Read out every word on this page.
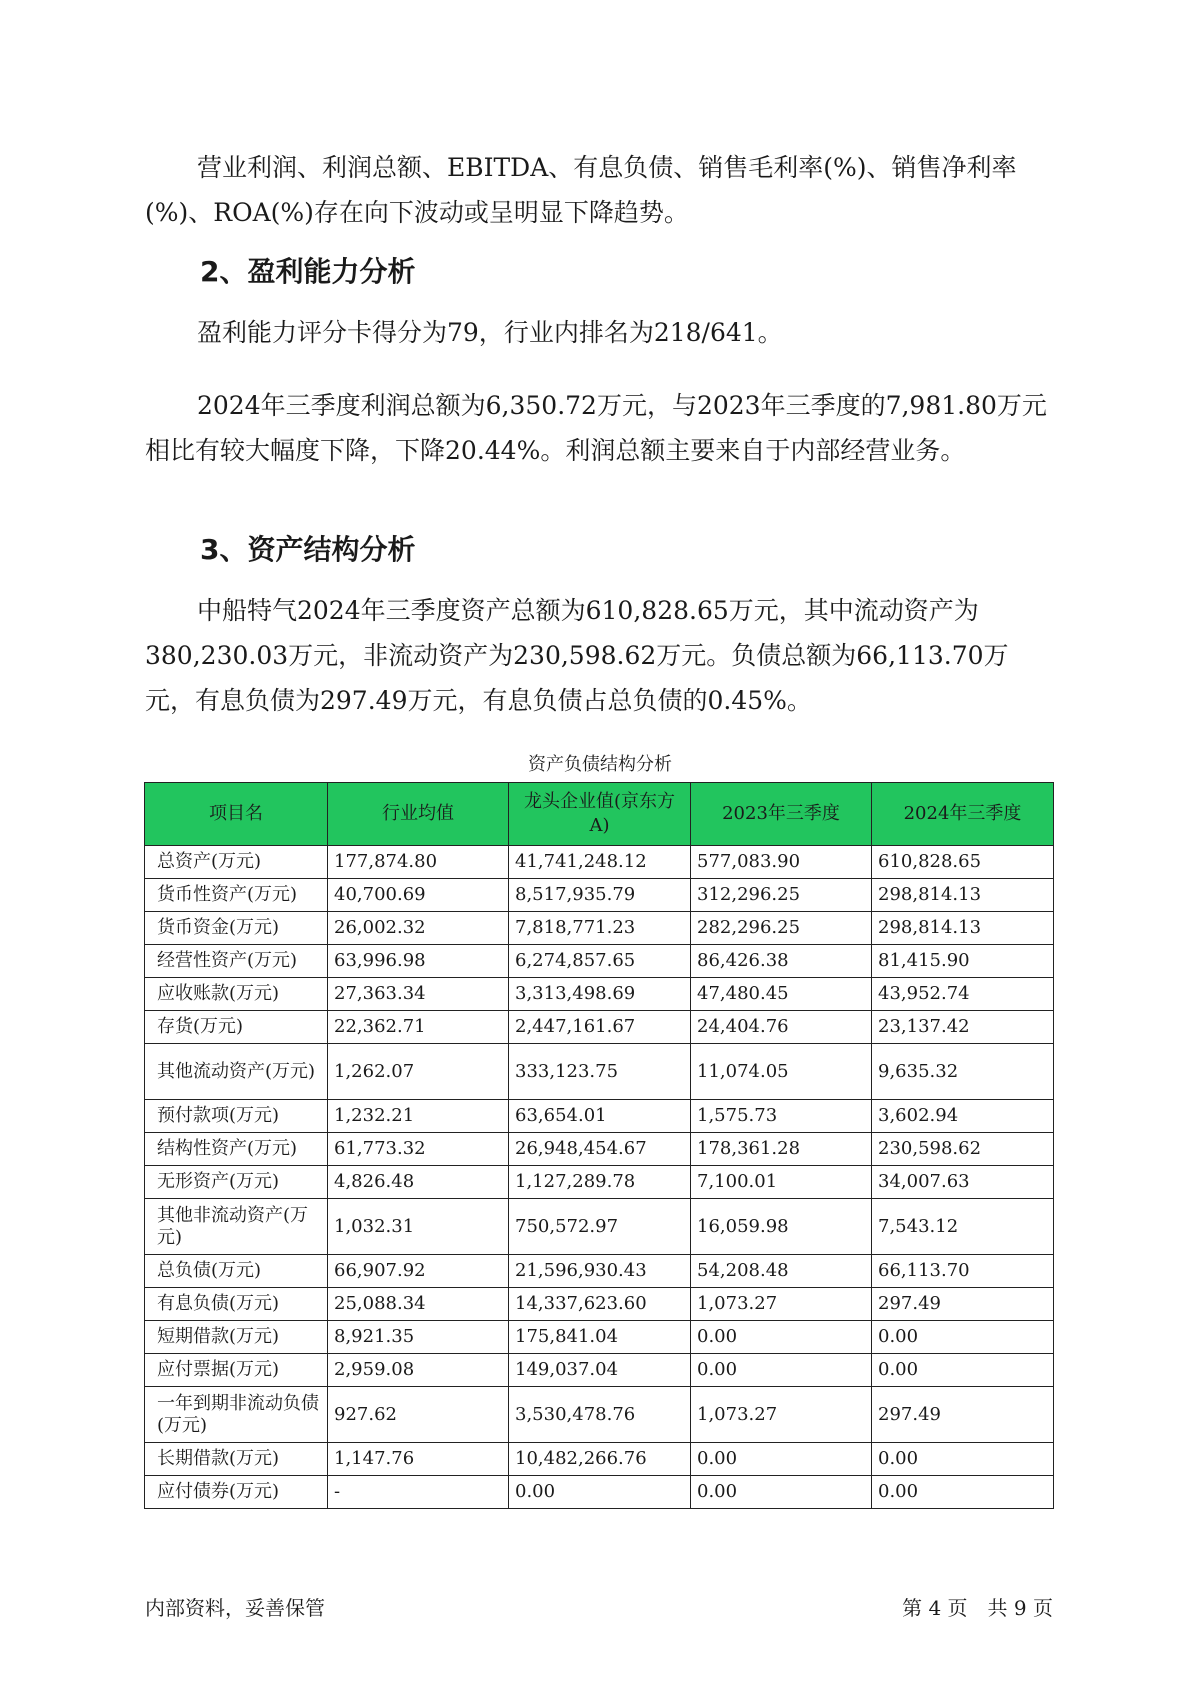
营业利润、利润总额、EBITDA、有息负债、销售毛利率(%)、销售净利率(%)、ROA(%)存在向下波动或呈明显下降趋势。

2、盈利能力分析

盈利能力评分卡得分为79，行业内排名为218/641。

2024年三季度利润总额为6,350.72万元，与2023年三季度的7,981.80万元相比有较大幅度下降，下降20.44%。利润总额主要来自于内部经营业务。

3、资产结构分析

中船特气2024年三季度资产总额为610,828.65万元，其中流动资产为380,230.03万元，非流动资产为230,598.62万元。负债总额为66,113.70万元，有息负债为297.49万元，有息负债占总负债的0.45%。

资产负债结构分析
项目名	行业均值	龙头企业值(京东方A)	2023年三季度	2024年三季度
总资产(万元)	177,874.80	41,741,248.12	577,083.90	610,828.65
货币性资产(万元)	40,700.69	8,517,935.79	312,296.25	298,814.13
货币资金(万元)	26,002.32	7,818,771.23	282,296.25	298,814.13
经营性资产(万元)	63,996.98	6,274,857.65	86,426.38	81,415.90
应收账款(万元)	27,363.34	3,313,498.69	47,480.45	43,952.74
存货(万元)	22,362.71	2,447,161.67	24,404.76	23,137.42
其他流动资产(万元)	1,262.07	333,123.75	11,074.05	9,635.32
预付款项(万元)	1,232.21	63,654.01	1,575.73	3,602.94
结构性资产(万元)	61,773.32	26,948,454.67	178,361.28	230,598.62
无形资产(万元)	4,826.48	1,127,289.78	7,100.01	34,007.63
其他非流动资产(万元)	1,032.31	750,572.97	16,059.98	7,543.12
总负债(万元)	66,907.92	21,596,930.43	54,208.48	66,113.70
有息负债(万元)	25,088.34	14,337,623.60	1,073.27	297.49
短期借款(万元)	8,921.35	175,841.04	0.00	0.00
应付票据(万元)	2,959.08	149,037.04	0.00	0.00
一年到期非流动负债(万元)	927.62	3,530,478.76	1,073.27	297.49
长期借款(万元)	1,147.76	10,482,266.76	0.00	0.00
应付债券(万元)	-	0.00	0.00	0.00
内部资料，妥善保管	第 4 页　共 9 页
